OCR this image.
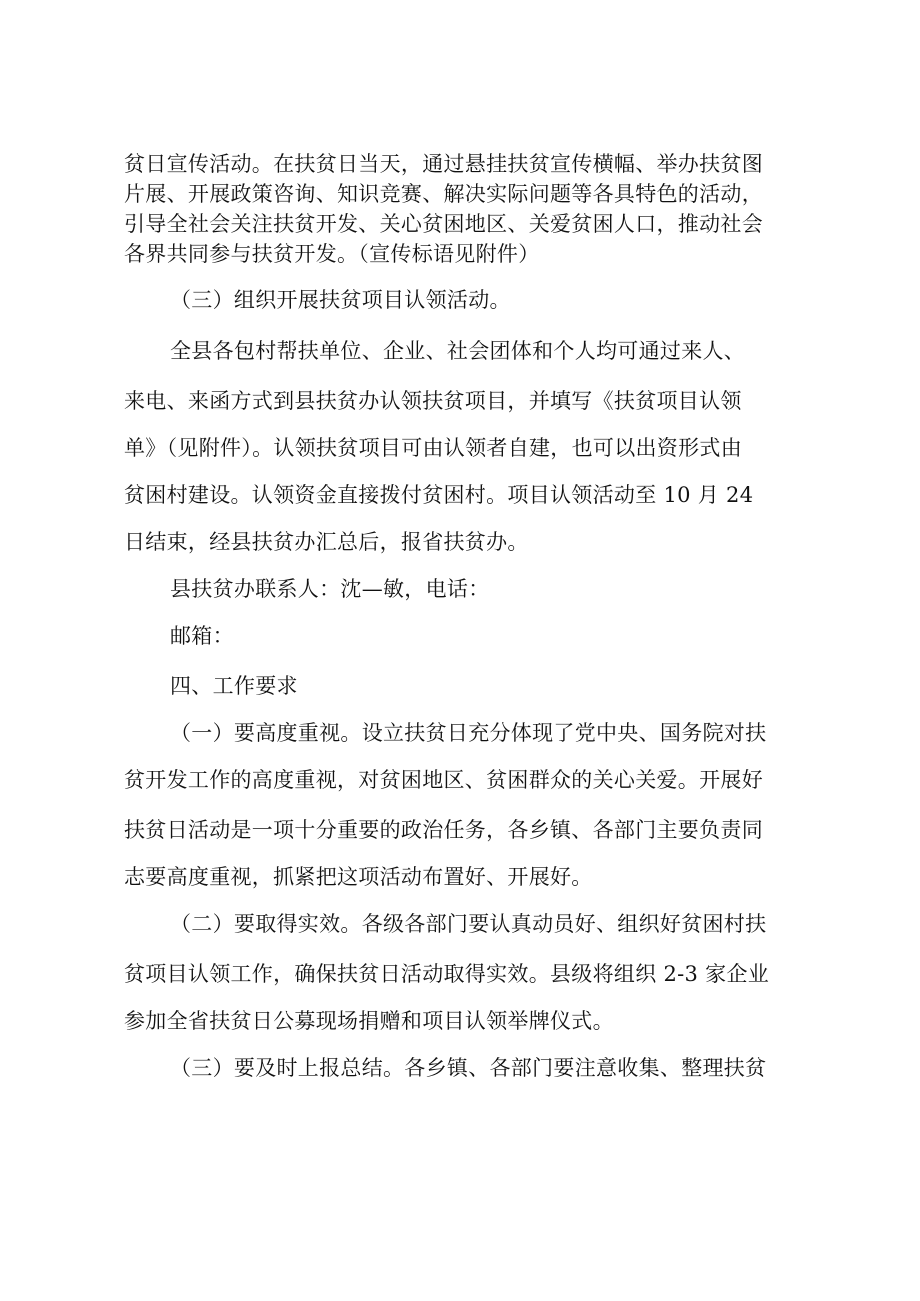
贫日宣传活动。在扶贫日当天，通过悬挂扶贫宣传横幅、举办扶贫图
片展、开展政策咨询、知识竞赛、解决实际问题等各具特色的活动，
引导全社会关注扶贫开发、关心贫困地区、关爱贫困人口，推动社会
各界共同参与扶贫开发。（宣传标语见附件）
（三）组织开展扶贫项目认领活动。
全县各包村帮扶单位、企业、社会团体和个人均可通过来人、
来电、来函方式到县扶贫办认领扶贫项目，并填写《扶贫项目认领
单》（见附件）。认领扶贫项目可由认领者自建，也可以出资形式由
贫困村建设。认领资金直接拨付贫困村。项目认领活动至 10 月 24
日结束，经县扶贫办汇总后，报省扶贫办。
县扶贫办联系人：沈—敏，电话：
邮箱：
四、工作要求
（一）要高度重视。设立扶贫日充分体现了党中央、国务院对扶
贫开发工作的高度重视，对贫困地区、贫困群众的关心关爱。开展好
扶贫日活动是一项十分重要的政治任务，各乡镇、各部门主要负责同
志要高度重视，抓紧把这项活动布置好、开展好。
（二）要取得实效。各级各部门要认真动员好、组织好贫困村扶
贫项目认领工作，确保扶贫日活动取得实效。县级将组织 2-3 家企业
参加全省扶贫日公募现场捐赠和项目认领举牌仪式。
（三）要及时上报总结。各乡镇、各部门要注意收集、整理扶贫
